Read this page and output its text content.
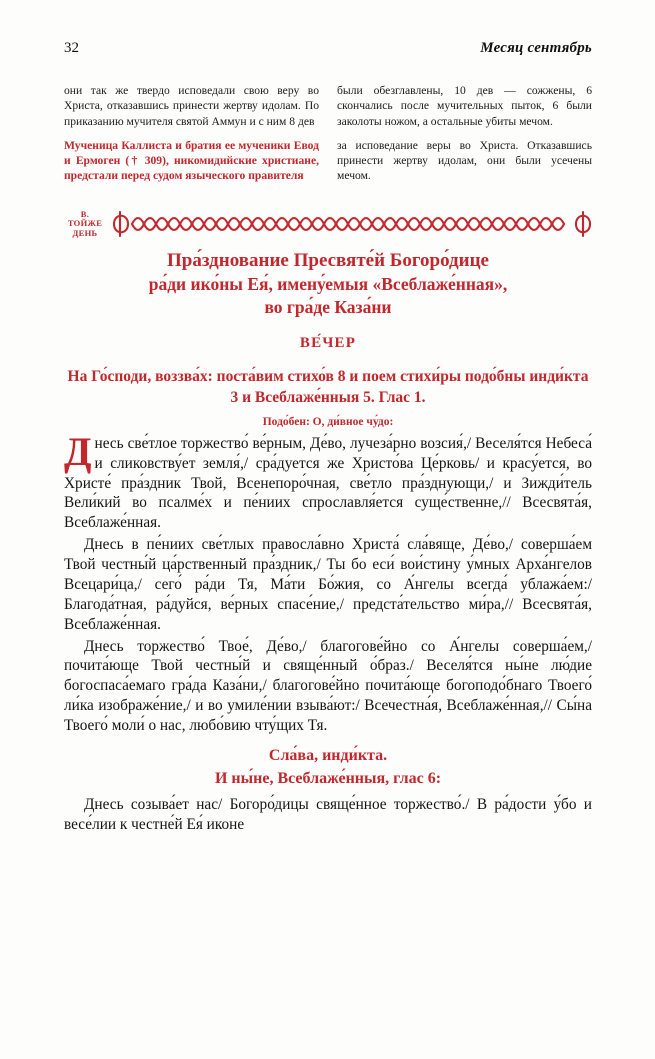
32	Месяц сентябрь

они так же твердо исповедали свою веру во Христа, отказавшись принести жертву идолам. По приказанию мучителя святой Аммун и с ним 8 дев

Мученица Каллиста и братия ее мученики Евод и Ермоген († 309), никомидийские христиане, предстали перед судом языческого правителя

были обезглавлены, 10 дев — сожжены, 6 скончались после мучительных пыток, 6 были заколоты ножом, а остальные убиты мечом.

за исповедание веры во Христа. Отказавшись принести жертву идолам, они были усечены мечом.

В.
ТОЙЖЕ
ДЕНЬ
Пра́зднование Пресвяте́й Богоро́дице
ра́ди ико́ны Ея́, имену́емыя «Всеблаже́нная»,
во гра́де Каза́ни
ВЕ́ЧЕР
На Го́споди, воззва́х: поста́вим стихо́в 8 и поем стихи́ры подо́бны инди́кта 3 и Всеблаже́нныя 5. Глас 1.
Подо́бен: О, ди́вное чу́до:

Днесь све́тлое торжество́ ве́рным, Де́во, лучеза́рно возсия́,/ Веселя́тся Небеса́ и сликовству́ет земля́,/ сра́дуется же Христо́ва Це́рковь/ и красу́ется, во Христе́ пра́здник Твой, Всенепоро́чная, све́тло пра́зднующи,/ и Зижди́тель Вели́кий во псалме́х и пе́ниих спрославля́ется суще́ственне,// Всесвята́я, Всеблаже́нная.

Днесь в пе́ниих све́тлых правосла́вно Христа́ сла́вяще, Де́во,/ соверша́ем Твой честны́й ца́рственный пра́здник,/ Ты бо еси́ вои́стину у́мных Арха́нгелов Всецари́ца,/ сего́ ра́ди Тя, Ма́ти Бо́жия, со А́нгелы всегда́ ублажа́ем:/ Благода́тная, ра́дуйся, ве́рных спасе́ние,/ предста́тельство ми́ра,// Всесвята́я, Всеблаже́нная.

Днесь торжество́ Твое́, Де́во,/ благогове́йно со А́нгелы соверша́ем,/ почита́юще Твой честны́й и свяще́нный о́браз./ Веселя́тся ны́не лю́дие богоспаса́емаго гра́да Каза́ни,/ благогове́йно почита́юще богоподо́бнаго Твоего́ ли́ка изображе́ние,/ и во умиле́нии взыва́ют:/ Всечестна́я, Всеблаже́нная,// Сы́на Твоего́ моли́ о нас, любо́вию чту́щих Тя.

Сла́ва, инди́кта.
И ны́не, Всеблаже́нныя, глас 6:

Днесь созыва́ет нас/ Богоро́дицы свяще́нное торжество́./ В ра́дости у́бо и весе́лии к честне́й Ея́ иконе
